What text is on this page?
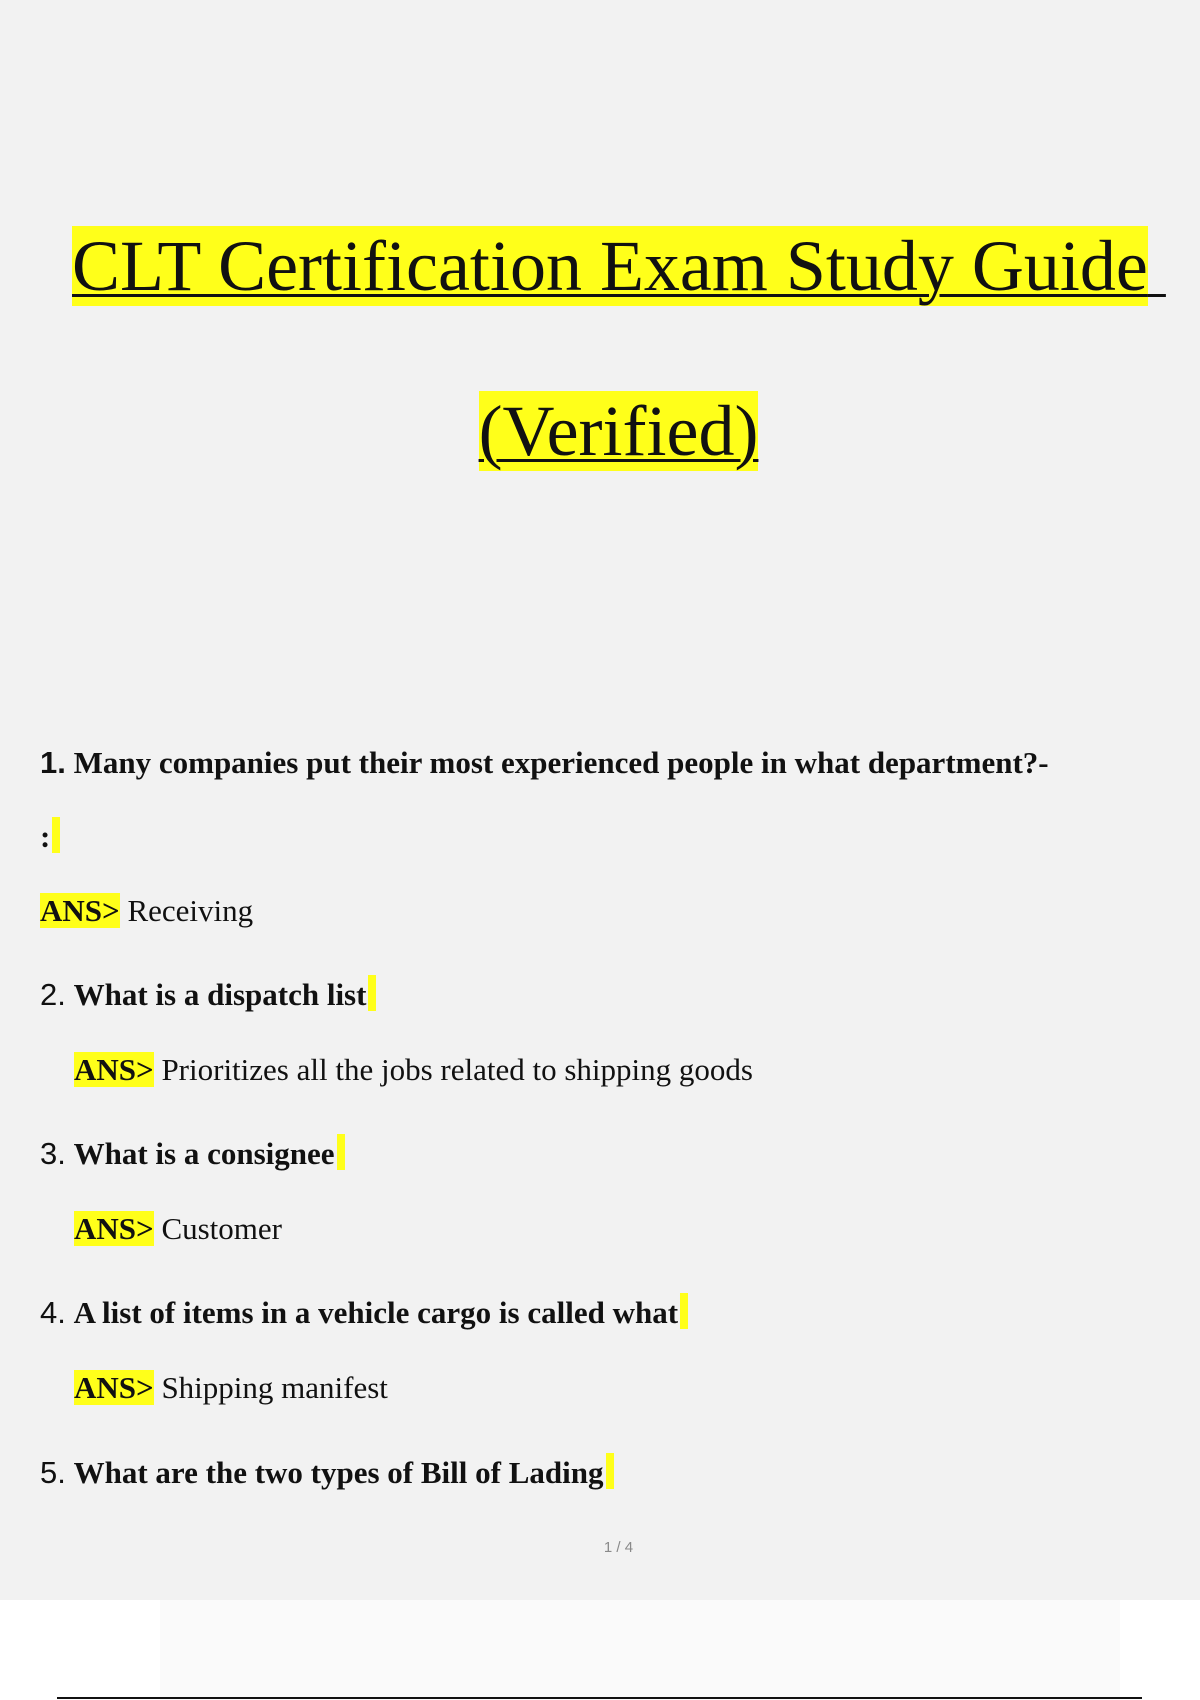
CLT Certification Exam Study Guide
(Verified)
1. Many companies put their most experienced people in what department?-
:
ANS> Receiving
2. What is a dispatch list
ANS> Prioritizes all the jobs related to shipping goods
3. What is a consignee
ANS> Customer
4. A list of items in a vehicle cargo is called what
ANS> Shipping manifest
5. What are the two types of Bill of Lading
1 / 4
